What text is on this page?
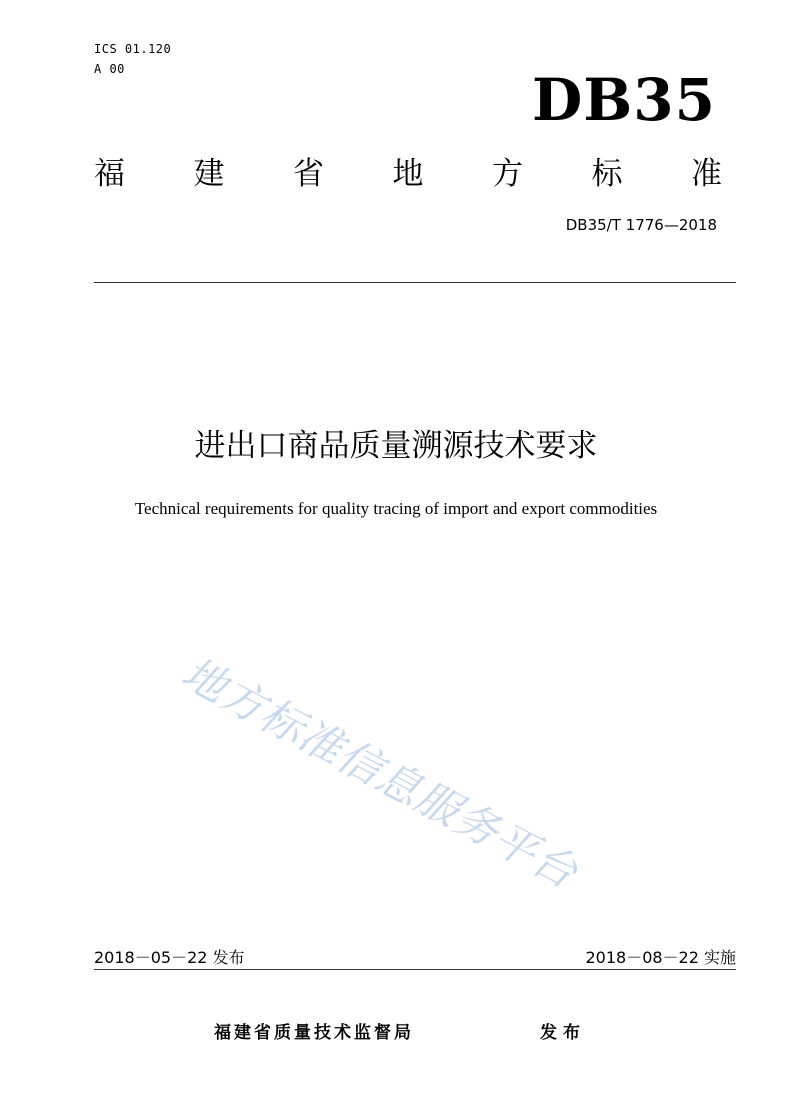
ICS 01.120
A 00	DB35
福 建 省 地 方 标 准
DB35/T 1776—2018
进出口商品质量溯源技术要求
Technical requirements for quality tracing of import and export commodities
地方标准信息服务平台
2018－05－22 发布	2018－08－22 实施
福建省质量技术监督局	发布
